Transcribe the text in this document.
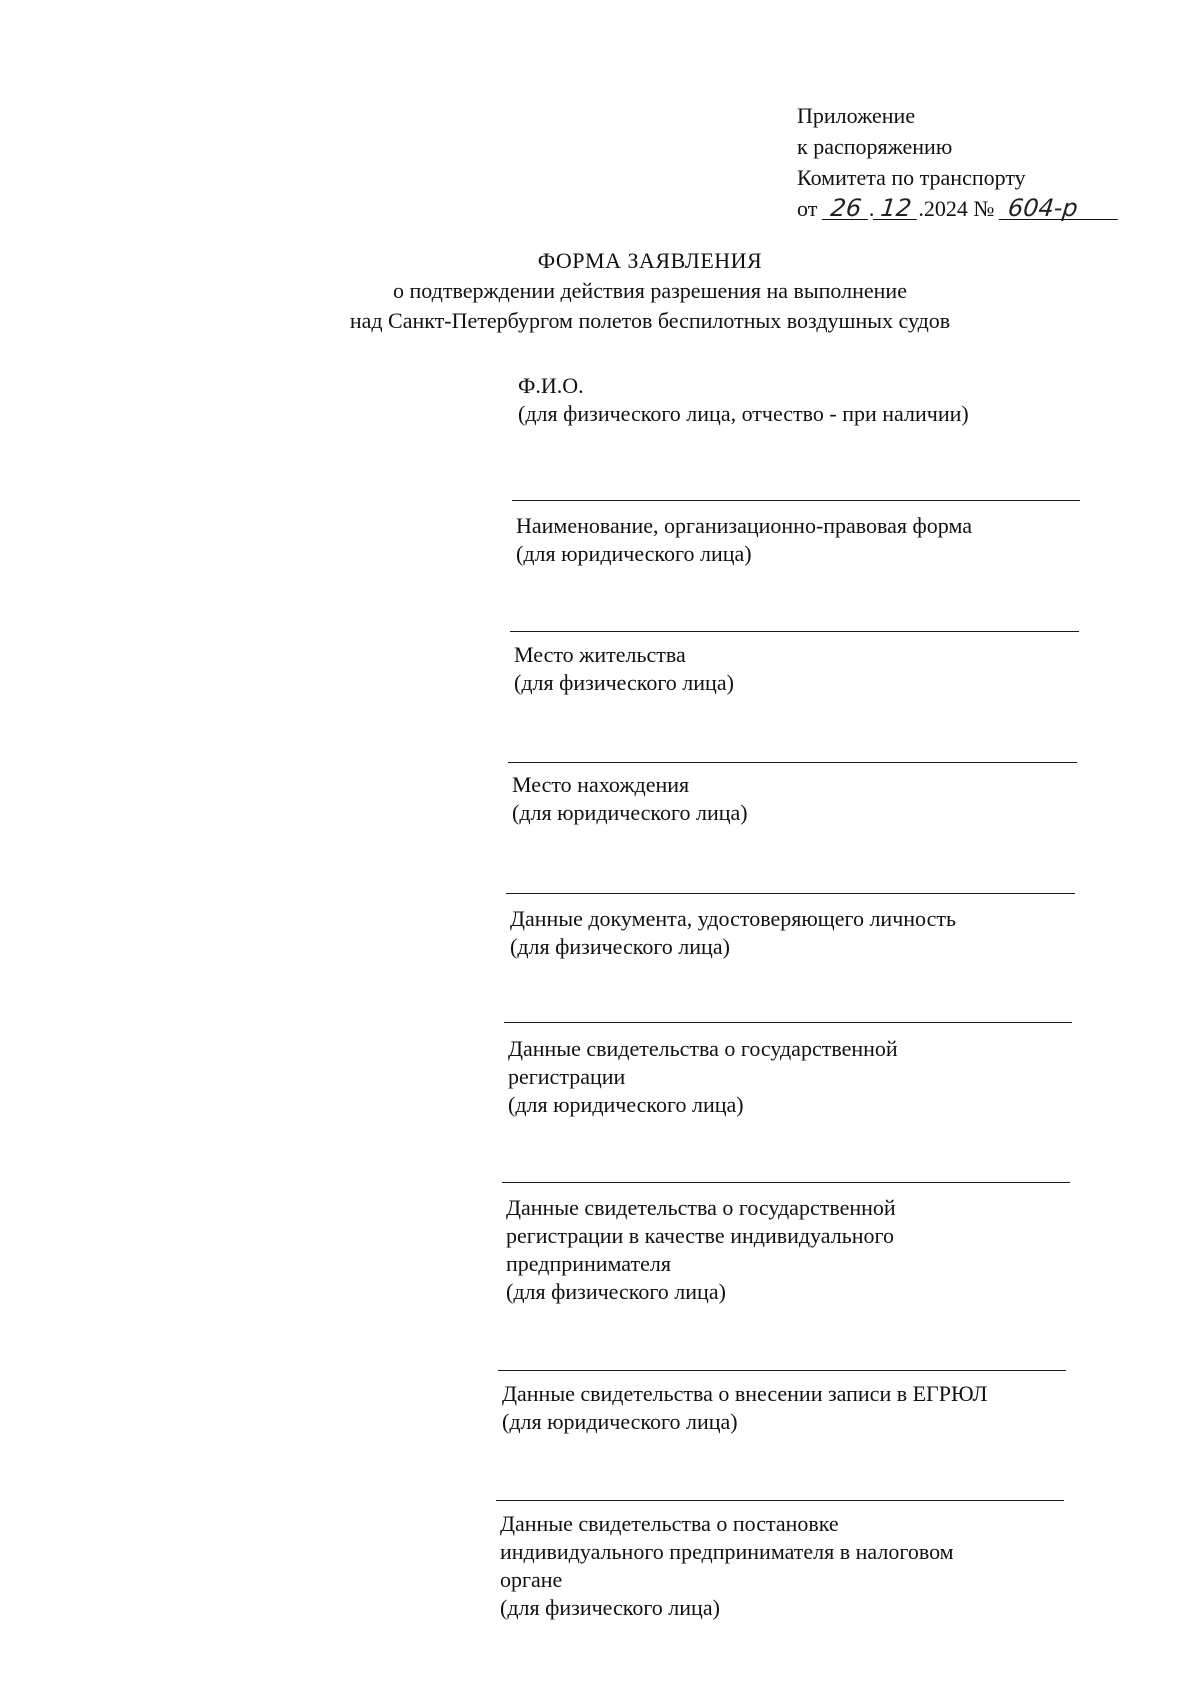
Приложение
к распоряжению
Комитета по транспорту
от 26 . 12 .2024 № 604-р
ФОРМА ЗАЯВЛЕНИЯ
о подтверждении действия разрешения на выполнение
над Санкт-Петербургом полетов беспилотных воздушных судов
Ф.И.О.
(для физического лица, отчество - при наличии)
Наименование, организационно-правовая форма
(для юридического лица)
Место жительства
(для физического лица)
Место нахождения
(для юридического лица)
Данные документа, удостоверяющего личность
(для физического лица)
Данные свидетельства о государственной
регистрации
(для юридического лица)
Данные свидетельства о государственной
регистрации в качестве индивидуального
предпринимателя
(для физического лица)
Данные свидетельства о внесении записи в ЕГРЮЛ
(для юридического лица)
Данные свидетельства о постановке
индивидуального предпринимателя в налоговом
органе
(для физического лица)
